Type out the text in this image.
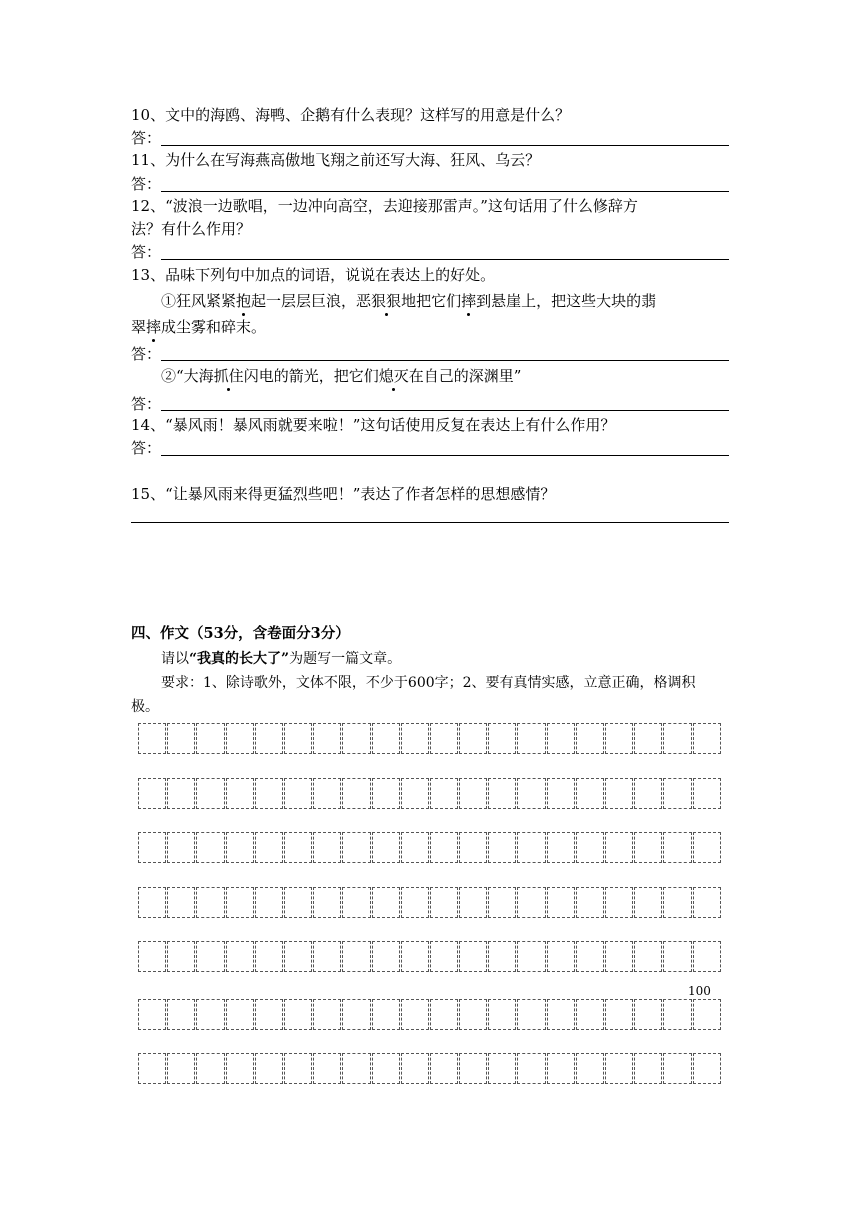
10、文中的海鸥、海鸭、企鹅有什么表现？这样写的用意是什么？
答：
11、为什么在写海燕高傲地飞翔之前还写大海、狂风、乌云？
答：
12、“波浪一边歌唱，一边冲向高空，去迎接那雷声。”这句话用了什么修辞方
法？有什么作用？
答：
13、品味下列句中加点的词语，说说在表达上的好处。
①狂风紧紧抱起一层层巨浪，恶狠狠地把它们摔到悬崖上，把这些大块的翡
翠摔成尘雾和碎末。
答：
②“大海抓住闪电的箭光，把它们熄灭在自己的深渊里”
答：
14、“暴风雨！暴风雨就要来啦！”这句话使用反复在表达上有什么作用？
答：
15、“让暴风雨来得更猛烈些吧！”表达了作者怎样的思想感情？
四、作文（53分，含卷面分3分）
请以“我真的长大了”为题写一篇文章。
要求：1、除诗歌外，文体不限，不少于600字；2、要有真情实感，立意正确，格调积
极。
100
